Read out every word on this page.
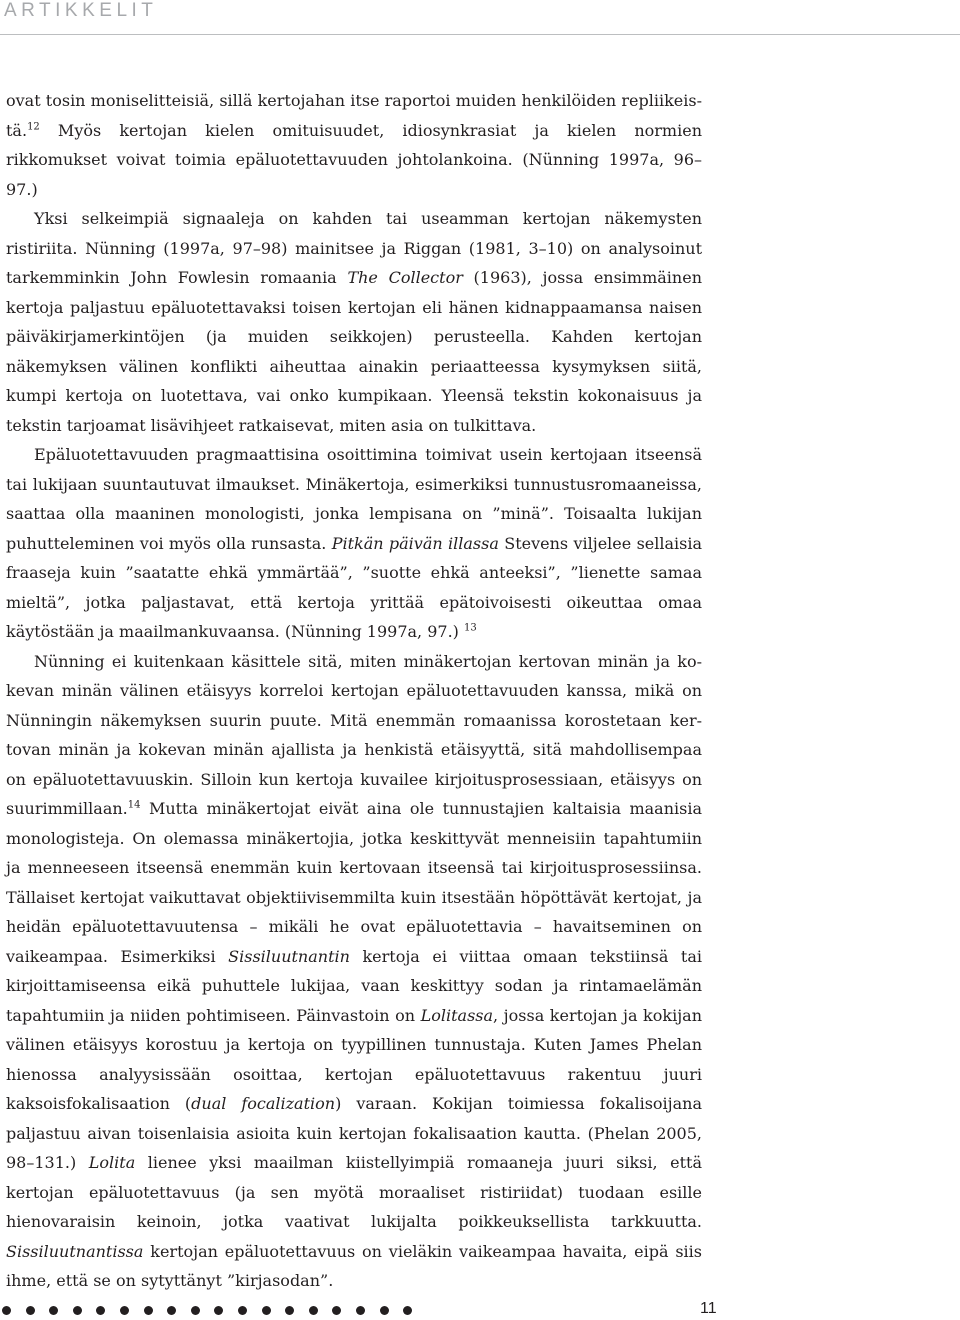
ARTIKKELIT

ovat tosin moniselitteisiä, sillä kertojahan itse raportoi muiden henkilöiden repliikeistä.$^{12}$ Myös kertojan kielen omituisuudet, idiosynkrasiat ja kielen normien rikkomukset voivat toimia epäluotettavuuden johtolankoina. (Nünning 1997a, 96–97.)

Yksi selkeimpiä signaaleja on kahden tai useamman kertojan näkemysten ristiriita. Nünning (1997a, 97–98) mainitsee ja Riggan (1981, 3–10) on analysoinut tarkemminkin John Fowlesin romaania The Collector (1963), jossa ensimmäinen kertoja paljastuu epäluotettavaksi toisen kertojan eli hänen kidnappaamansa naisen päiväkirjamerkintöjen (ja muiden seikkojen) perusteella. Kahden kertojan näkemyksen välinen konflikti aiheuttaa ainakin periaatteessa kysymyksen siitä, kumpi kertoja on luotettava, vai onko kumpikaan. Yleensä tekstin kokonaisuus ja tekstin tarjoamat lisävihjeet ratkaisevat, miten asia on tulkittava.

Epäluotettavuuden pragmaattisina osoittimina toimivat usein kertojaan itseensä tai lukijaan suuntautuvat ilmaukset. Minäkertoja, esimerkiksi tunnustusromaaneissa, saattaa olla maaninen monologisti, jonka lempisana on ”minä”. Toisaalta lukijan puhutteleminen voi myös olla runsasta. Pitkän päivän illassa Stevens viljelee sellaisia fraaseja kuin ”saatatte ehkä ymmärtää”, ”suotte ehkä anteeksi”, ”lienette samaa mieltä”, jotka paljastavat, että kertoja yrittää epätoivoisesti oikeuttaa omaa käytöstään ja maailmankuvaansa. (Nünning 1997a, 97.) $^{13}$

Nünning ei kuitenkaan käsittele sitä, miten minäkertojan kertovan minän ja kokevan minän välinen etäisyys korreloi kertojan epäluotettavuuden kanssa, mikä on Nünningin näkemyksen suurin puute. Mitä enemmän romaanissa korostetaan kertovan minän ja kokevan minän ajallista ja henkistä etäisyyttä, sitä mahdollisempaa on epäluotettavuuskin. Silloin kun kertoja kuvailee kirjoitusprosessiaan, etäisyys on suurimmillaan.$^{14}$ Mutta minäkertojat eivät aina ole tunnustajien kaltaisia maanisia monologisteja. On olemassa minäkertojia, jotka keskittyvät menneisiin tapahtumiin ja menneeseen itseensä enemmän kuin kertovaan itseensä tai kirjoitusprosessiinsa. Tällaiset kertojat vaikuttavat objektiivisemmilta kuin itsestään höpöttävät kertojat, ja heidän epäluotettavuutensa – mikäli he ovat epäluotettavia – havaitseminen on vaikeampaa. Esimerkiksi Sissiluutnantin kertoja ei viittaa omaan tekstiinsä tai kirjoittamiseensa eikä puhuttele lukijaa, vaan keskittyy sodan ja rintamaelämän tapahtumiin ja niiden pohtimiseen. Päinvastoin on Lolitassa, jossa kertojan ja kokijan välinen etäisyys korostuu ja kertoja on tyypillinen tunnustaja. Kuten James Phelan hienossa analyysissään osoittaa, kertojan epäluotettavuus rakentuu juuri kaksoisfokalisaation (dual focalization) varaan. Kokijan toimiessa fokalisoijana paljastuu aivan toisenlaisia asioita kuin kertojan fokalisaation kautta. (Phelan 2005, 98–131.) Lolita lienee yksi maailman kiistellyimpiä romaaneja juuri siksi, että kertojan epäluotettavuus (ja sen myötä moraaliset ristiriidat) tuodaan esille hienovaraisin keinoin, jotka vaativat lukijalta poikkeuksellista tarkkuutta. Sissiluutnantissa kertojan epäluotettavuus on vieläkin vaikeampaa havaita, eipä siis ihme, että se on sytyttänyt ”kirjasodan”.

11
